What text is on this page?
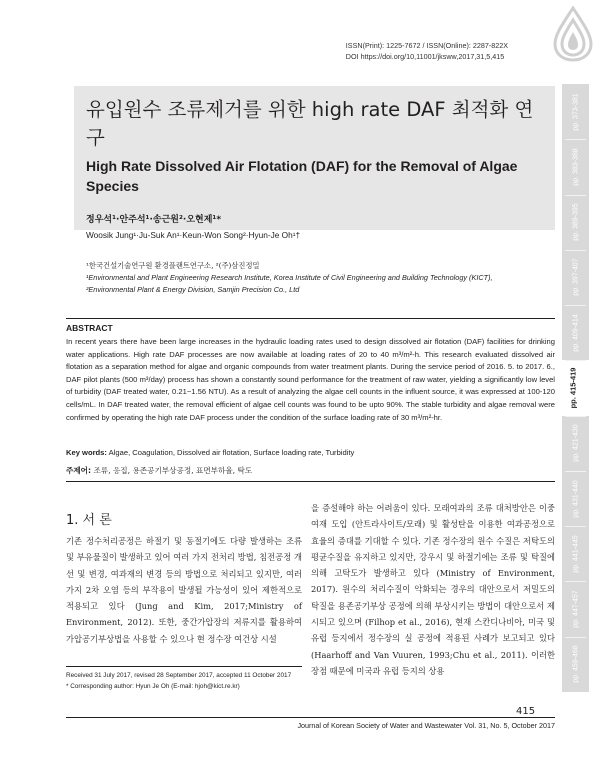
ISSN(Print): 1225-7672 / ISSN(Online): 2287-822X
DOI https://doi.org/10,11001/jksww,2017,31,5,415
pp. 373-381
pp. 383-388
pp. 389-395
pp. 397-407
pp. 409-414
pp. 415-419
pp. 421-430
pp. 431-440
pp. 441-445
pp. 447-457
pp. 459-468
유입원수 조류제거를 위한 high rate DAF 최적화 연구
High Rate Dissolved Air Flotation (DAF) for the Removal of Algae Species
정우석¹·안주석¹·송근원²·오현제¹*
Woosik Jung¹·Ju-Suk An¹·Keun-Won Song²·Hyun-Je Oh¹†
¹한국건설기술연구원 환경플랜트연구소, ²(주)삼진정밀
¹Environmental and Plant Engineering Research Institute, Korea Institute of Civil Engineering and Building Technology (KICT),
²Environmental Plant & Energy Division, Samjin Precision Co., Ltd
ABSTRACT
In recent years there have been large increases in the hydraulic loading rates used to design dissolved air flotation (DAF) facilities for drinking water applications. High rate DAF processes are now available at loading rates of 20 to 40 m³/m²-h. This research evaluated dissolved air flotation as a separation method for algae and organic compounds from water treatment plants. During the service period of 2016. 5. to 2017. 6., DAF pilot plants (500 m³/day) process has shown a constantly sound performance for the treatment of raw water, yielding a significantly low level of turbidity (DAF treated water, 0.21~1.56 NTU). As a result of analyzing the algae cell counts in the influent source, it was expressed at 100-120 cells/mL. In DAF treated water, the removal efficient of algae cell counts was found to be upto 90%. The stable turbidity and algae removal were confirmed by operating the high rate DAF process under the condition of the surface loading rate of 30 m³/m²-hr.
Key words: Algae, Coagulation, Dissolved air flotation, Surface loading rate, Turbidity
주제어: 조류, 응집, 용존공기부상공정, 표면부하율, 탁도
1. 서 론
기존 정수처리공정은 하절기 및 동절기에도 다량 발생하는 조류 및 부유물질이 발생하고 있어 여러 가지 전처리 방법, 침전공정 개선 및 변경, 여과재의 변경 등의 방법으로 처리되고 있지만, 여러 가지 2차 오염 등의 부작용이 발생될 가능성이 있어 제한적으로 적용되고 있다 (Jung and Kim, 2017;Ministry of Environment, 2012). 또한, 중간가압장의 저류지를 활용하여 가압공기부상법을 사용할 수 있으나 현 정수장 여건상 시설
을 증설해야 하는 어려움이 있다. 모래여과의 조류 대처방안은 이중여재 도입 (안트라사이트/모래) 및 활성탄을 이용한 여과공정으로 효율의 증대를 기대할 수 있다. 기존 정수장의 원수 수질은 저탁도의 평균수질을 유지하고 있지만, 강우시 및 하절기에는 조류 및 탁질에 의해 고탁도가 발생하고 있다 (Ministry of Environment, 2017). 원수의 처리수질이 악화되는 경우의 대안으로서 저밀도의 탁질을 용존공기부상 공정에 의해 부상시키는 방법이 대안으로서 제시되고 있으며 (Filhop et al., 2016), 현재 스칸디나비아, 미국 및 유럽 등지에서 정수장의 실 공정에 적용된 사례가 보고되고 있다 (Haarhoff and Van Vuuren, 1993;Chu et al., 2011). 이러한 장점 때문에 미국과 유럽 등지의 상용
Received 31 July 2017, revised 28 September 2017, accepted 11 October 2017
* Corresponding author: Hyun Je Oh (E-mail: hjoh@kict.re.kr)
415
Journal of Korean Society of Water and Wastewater Vol. 31, No. 5, October 2017
